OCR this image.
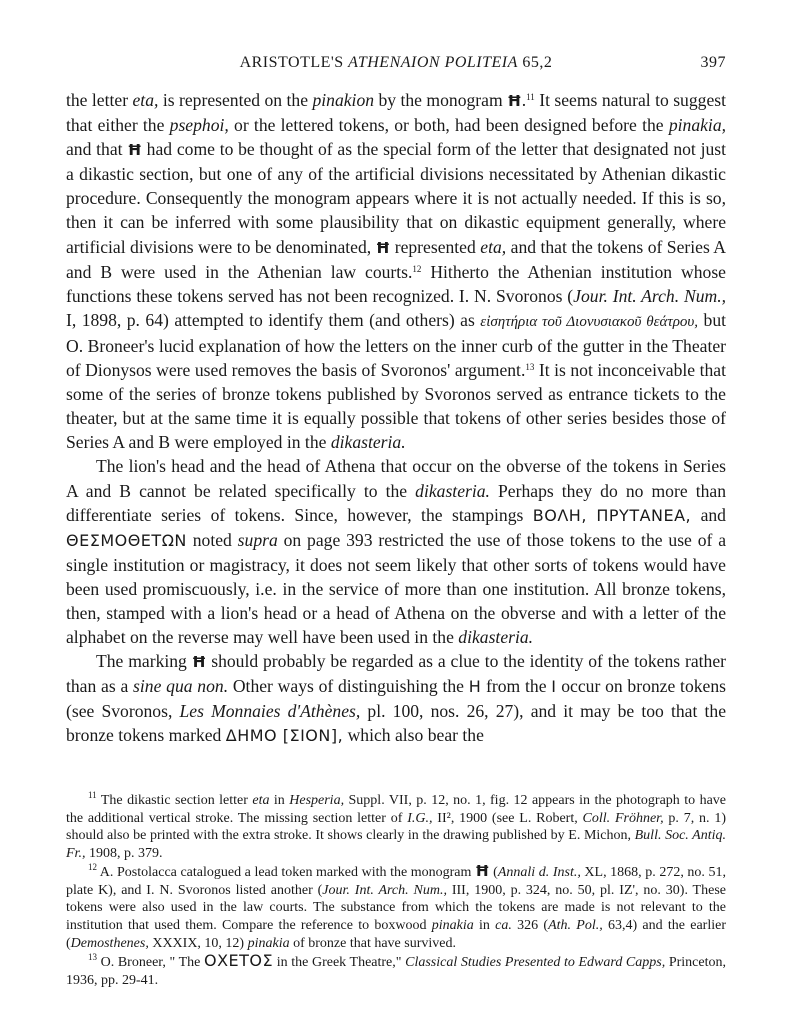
ARISTOTLE'S ATHENAION POLITEIA 65,2	397

the letter eta, is represented on the pinakion by the monogram Ħ.$^{11}$ It seems natural to suggest that either the psephoi, or the lettered tokens, or both, had been designed before the pinakia, and that Ħ had come to be thought of as the special form of the letter that designated not just a dikastic section, but one of any of the artificial divisions necessitated by Athenian dikastic procedure. Consequently the monogram appears where it is not actually needed. If this is so, then it can be inferred with some plausibility that on dikastic equipment generally, where artificial divisions were to be denominated, Ħ represented eta, and that the tokens of Series A and B were used in the Athenian law courts.$^{12}$ Hitherto the Athenian institution whose functions these tokens served has not been recognized. I. N. Svoronos (Jour. Int. Arch. Num., I, 1898, p. 64) attempted to identify them (and others) as εἰσητήρια τοῦ Διονυσιακοῦ θεάτρου, but O. Broneer's lucid explanation of how the letters on the inner curb of the gutter in the Theater of Dionysos were used removes the basis of Svoronos' argument.$^{13}$ It is not inconceivable that some of the series of bronze tokens published by Svoronos served as entrance tickets to the theater, but at the same time it is equally possible that tokens of other series besides those of Series A and B were employed in the dikasteria.

The lion's head and the head of Athena that occur on the obverse of the tokens in Series A and B cannot be related specifically to the dikasteria. Perhaps they do no more than differentiate series of tokens. Since, however, the stampings ΒΟΛΗ, ΠΡΥΤΑΝΕΑ, and ΘΕΣΜΟΘΕΤΩΝ noted supra on page 393 restricted the use of those tokens to the use of a single institution or magistracy, it does not seem likely that other sorts of tokens would have been used promiscuously, i.e. in the service of more than one institution. All bronze tokens, then, stamped with a lion's head or a head of Athena on the obverse and with a letter of the alphabet on the reverse may well have been used in the dikasteria.

The marking Ħ should probably be regarded as a clue to the identity of the tokens rather than as a sine qua non. Other ways of distinguishing the H from the I occur on bronze tokens (see Svoronos, Les Monnaies d'Athènes, pl. 100, nos. 26, 27), and it may be too that the bronze tokens marked ΔΗΜΟ [ΣΙΟΝ], which also bear the

$^{11}$ The dikastic section letter eta in Hesperia, Suppl. VII, p. 12, no. 1, fig. 12 appears in the photograph to have the additional vertical stroke. The missing section letter of I.G., II², 1900 (see L. Robert, Coll. Fröhner, p. 7, n. 1) should also be printed with the extra stroke. It shows clearly in the drawing published by E. Michon, Bull. Soc. Antiq. Fr., 1908, p. 379.

$^{12}$ A. Postolacca catalogued a lead token marked with the monogram Ħ (Annali d. Inst., XL, 1868, p. 272, no. 51, plate K), and I. N. Svoronos listed another (Jour. Int. Arch. Num., III, 1900, p. 324, no. 50, pl. ΙΖ', no. 30). These tokens were also used in the law courts. The substance from which the tokens are made is not relevant to the institution that used them. Compare the reference to boxwood pinakia in ca. 326 (Ath. Pol., 63,4) and the earlier (Demosthenes, XXXIX, 10, 12) pinakia of bronze that have survived.

$^{13}$ O. Broneer, " The ΟΧΕΤΟΣ in the Greek Theatre," Classical Studies Presented to Edward Capps, Princeton, 1936, pp. 29-41.
